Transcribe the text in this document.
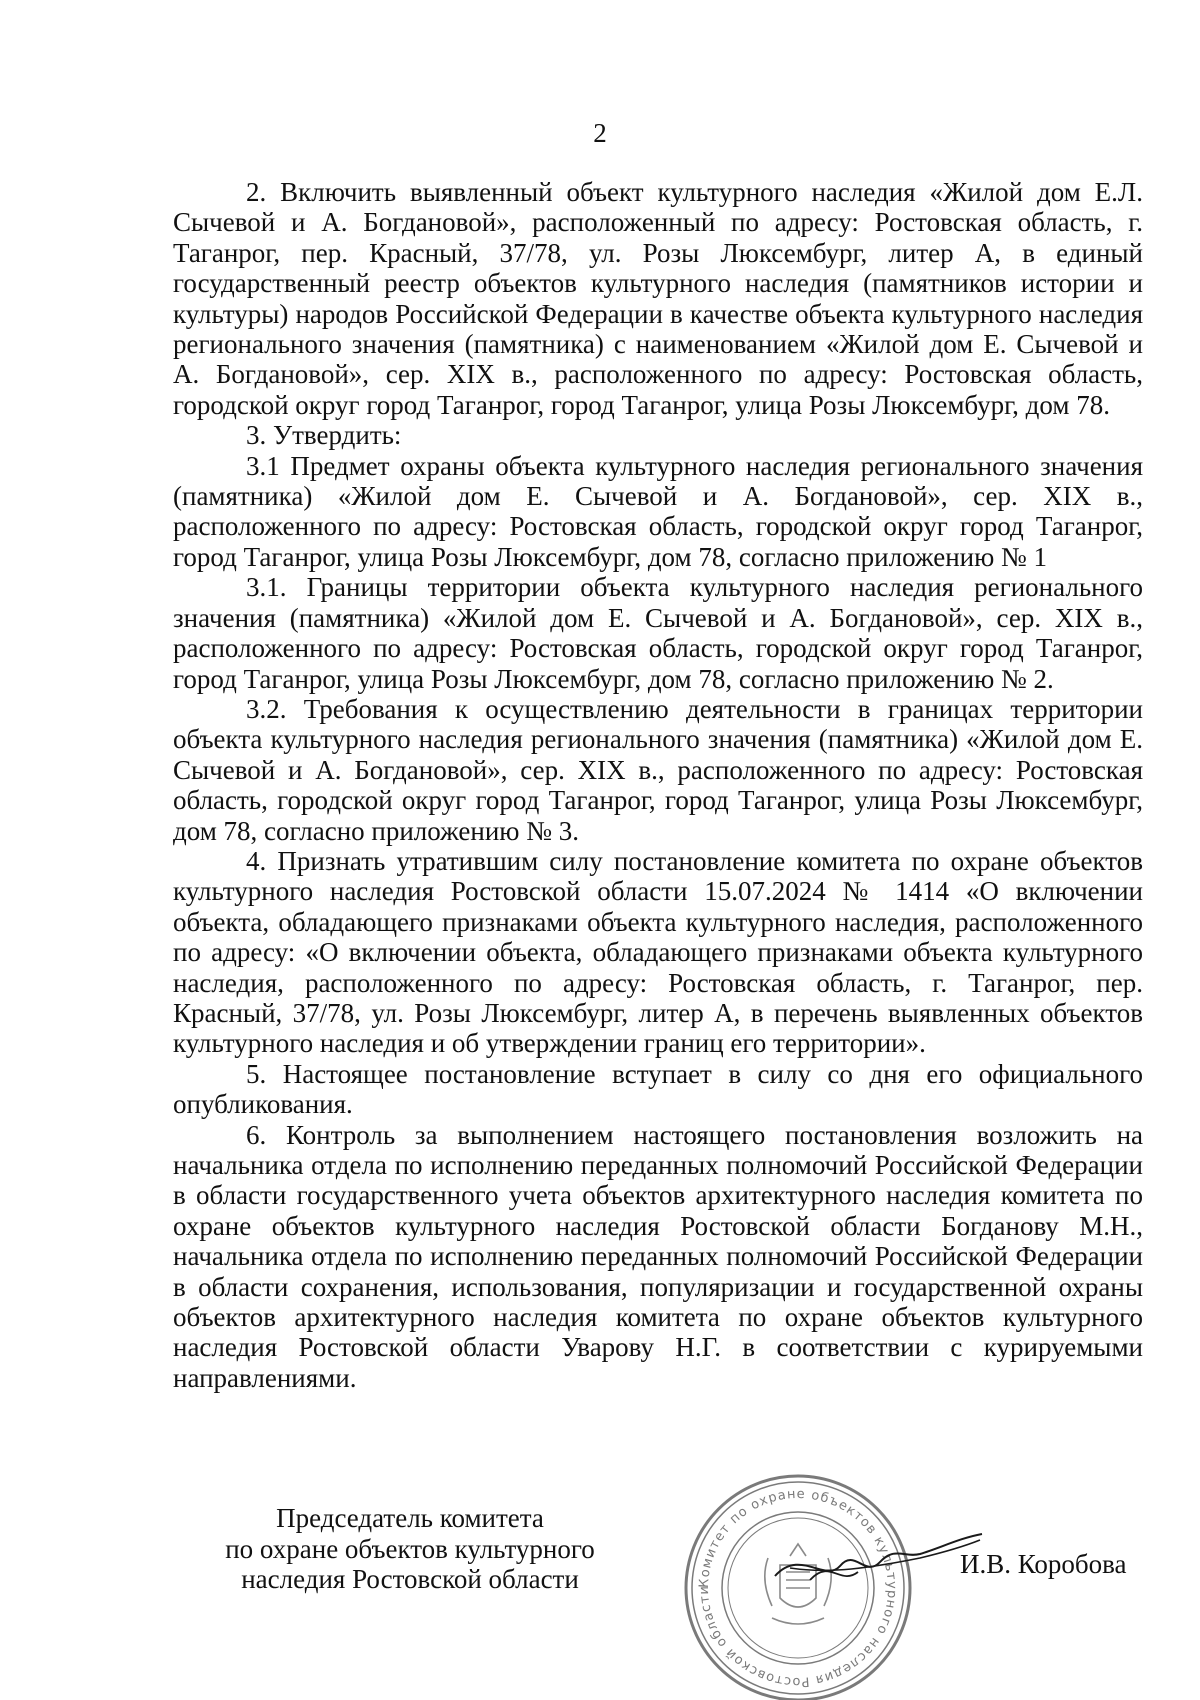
2

2. Включить выявленный объект культурного наследия «Жилой дом Е.Л. Сычевой и А. Богдановой», расположенный по адресу: Ростовская область, г. Таганрог, пер. Красный, 37/78, ул. Розы Люксембург, литер А, в единый государственный реестр объектов культурного наследия (памятников истории и культуры) народов Российской Федерации в качестве объекта культурного наследия регионального значения (памятника) с наименованием «Жилой дом Е. Сычевой и А. Богдановой», сер. XIX в., расположенного по адресу: Ростовская область, городской округ город Таганрог, город Таганрог, улица Розы Люксембург, дом 78.

3. Утвердить:

3.1 Предмет охраны объекта культурного наследия регионального значения (памятника) «Жилой дом Е. Сычевой и А. Богдановой», сер. XIX в., расположенного по адресу: Ростовская область, городской округ город Таганрог, город Таганрог, улица Розы Люксембург, дом 78, согласно приложению № 1

3.1. Границы территории объекта культурного наследия регионального значения (памятника) «Жилой дом Е. Сычевой и А. Богдановой», сер. XIX в., расположенного по адресу: Ростовская область, городской округ город Таганрог, город Таганрог, улица Розы Люксембург, дом 78, согласно приложению № 2.

3.2. Требования к осуществлению деятельности в границах территории объекта культурного наследия регионального значения (памятника) «Жилой дом Е. Сычевой и А. Богдановой», сер. XIX в., расположенного по адресу: Ростовская область, городской округ город Таганрог, город Таганрог, улица Розы Люксембург, дом 78, согласно приложению № 3.

4. Признать утратившим силу постановление комитета по охране объектов культурного наследия Ростовской области 15.07.2024 № 1414 «О включении объекта, обладающего признаками объекта культурного наследия, расположенного по адресу: «О включении объекта, обладающего признаками объекта культурного наследия, расположенного по адресу: Ростовская область, г. Таганрог, пер. Красный, 37/78, ул. Розы Люксембург, литер А, в перечень выявленных объектов культурного наследия и об утверждении границ его территории».

5. Настоящее постановление вступает в силу со дня его официального опубликования.

6. Контроль за выполнением настоящего постановления возложить на начальника отдела по исполнению переданных полномочий Российской Федерации в области государственного учета объектов архитектурного наследия комитета по охране объектов культурного наследия Ростовской области Богданову М.Н., начальника отдела по исполнению переданных полномочий Российской Федерации в области сохранения, использования, популяризации и государственной охраны объектов архитектурного наследия комитета по охране объектов культурного наследия Ростовской области Уварову Н.Г. в соответствии с курируемыми направлениями.

Председатель комитета
по охране объектов культурного
наследия Ростовской области	Комитет по охране объектов культурного наследия Ростовской области
И.В. Коробова
